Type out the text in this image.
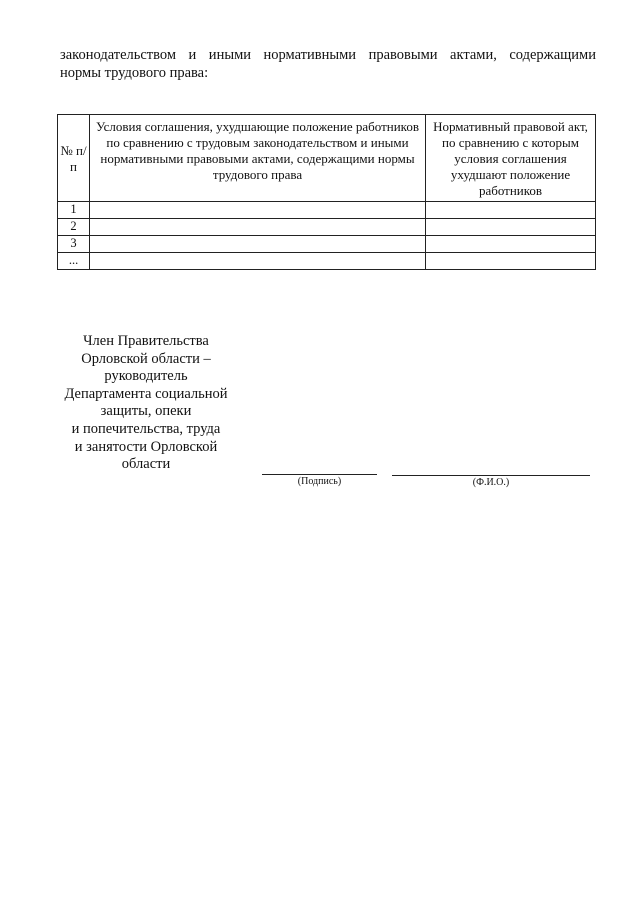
законодательством и иными нормативными правовыми актами, содержащими
нормы трудового права:

№ п/п	Условия соглашения, ухудшающие положение работников по сравнению с трудовым законодательством и иными нормативными правовыми актами, содержащими нормы трудового права	Нормативный правовой акт, по сравнению с которым условия соглашения ухудшают положение работников
1		
2		
3		
...		
Член Правительства
Орловской области –
руководитель
Департамента социальной
защиты, опеки
и попечительства, труда
и занятости Орловской
области
(Подпись)	(Ф.И.О.)
